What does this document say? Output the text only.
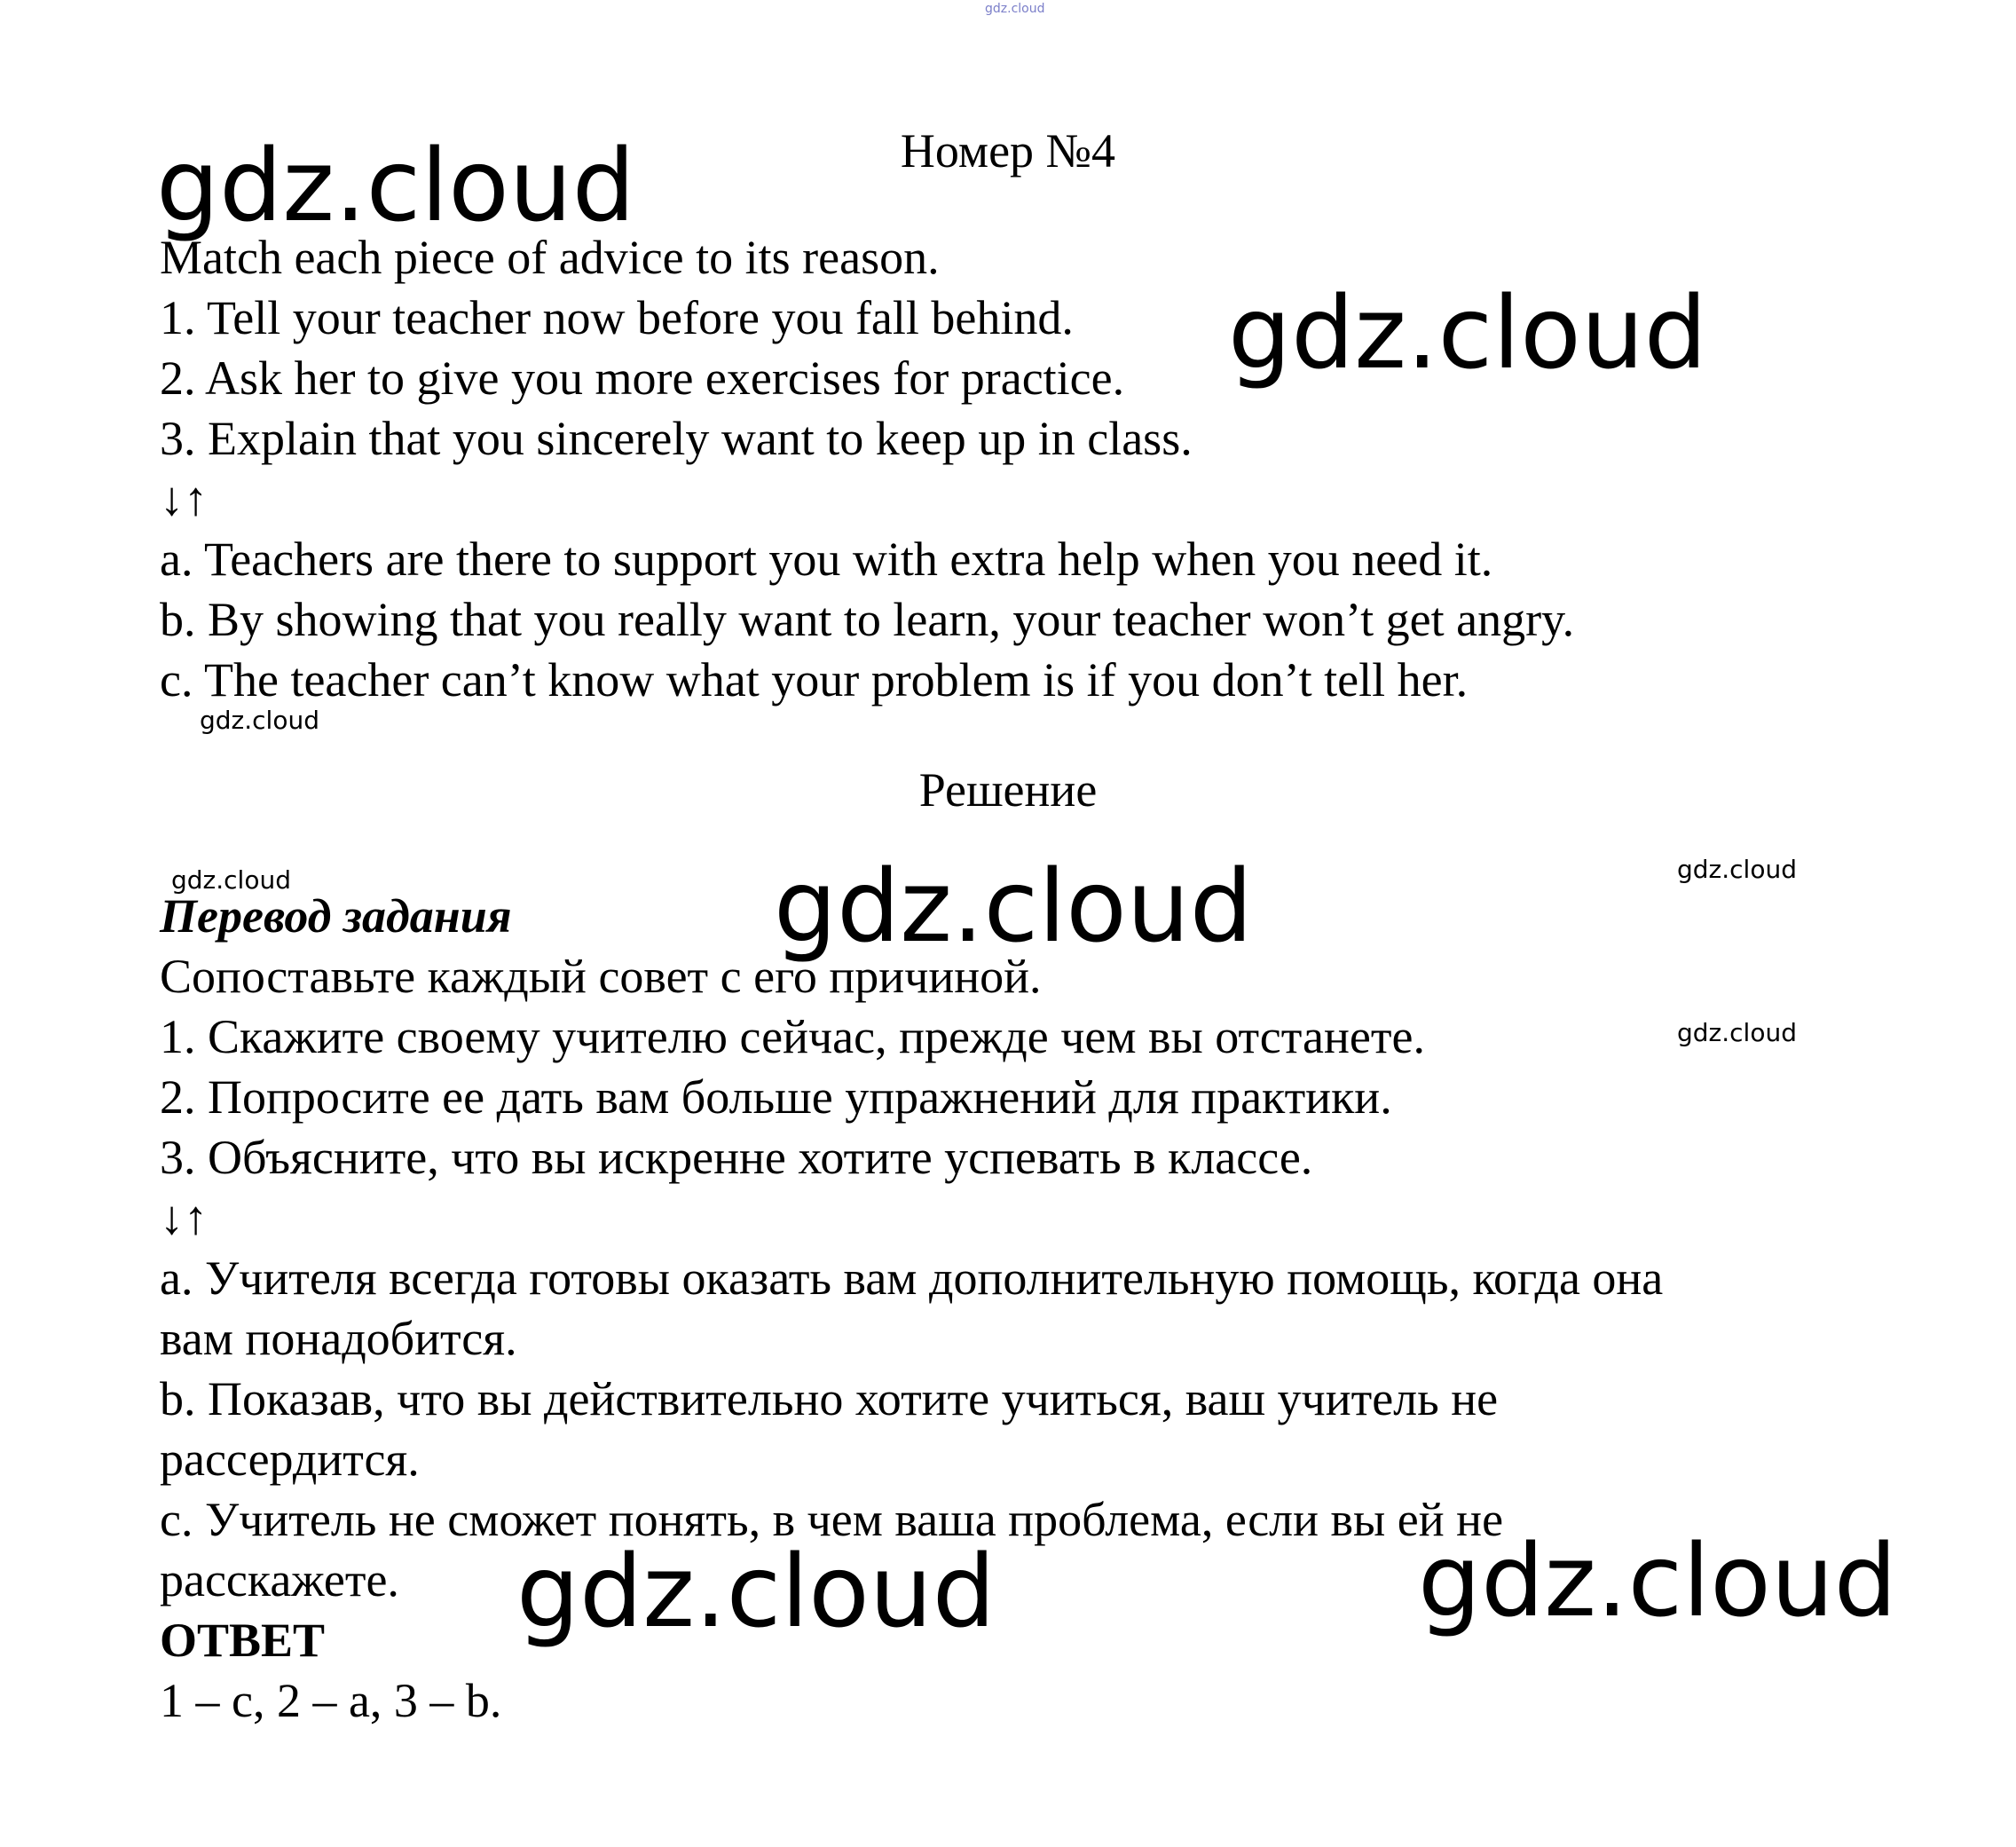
gdz.cloud
gdz.cloud
gdz.cloud
gdz.cloud
gdz.cloud	gdz.cloud
gdz.cloud
gdz.cloud
gdz.cloud	gdz.cloud
Номер №4
Match each piece of advice to its reason.
1. Tell your teacher now before you fall behind.
2. Ask her to give you more exercises for practice.
3. Explain that you sincerely want to keep up in class.
↓↑
a. Teachers are there to support you with extra help when you need it.
b. By showing that you really want to learn, your teacher won’t get angry.
c. The teacher can’t know what your problem is if you don’t tell her.
Решение
Перевод задания
Сопоставьте каждый совет с его причиной.
1. Скажите своему учителю сейчас, прежде чем вы отстанете.
2. Попросите ее дать вам больше упражнений для практики.
3. Объясните, что вы искренне хотите успевать в классе.
↓↑
a. Учителя всегда готовы оказать вам дополнительную помощь, когда она
вам понадобится.
b. Показав, что вы действительно хотите учиться, ваш учитель не
рассердится.
c. Учитель не сможет понять, в чем ваша проблема, если вы ей не
расскажете.
ОТВЕТ
1 – c, 2 – a, 3 – b.
